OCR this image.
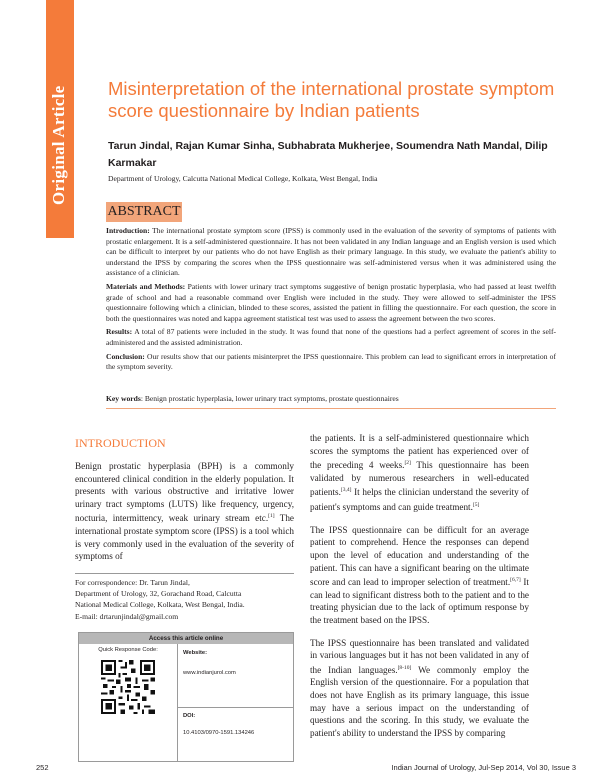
Original Article Misinterpretation of the international prostate symptom score questionnaire by Indian patients
Tarun Jindal, Rajan Kumar Sinha, Subhabrata Mukherjee, Soumendra Nath Mandal, Dilip Karmakar
Department of Urology, Calcutta National Medical College, Kolkata, West Bengal, India
ABSTRACT

Introduction: The international prostate symptom score (IPSS) is commonly used in the evaluation of the severity of symptoms of patients with prostatic enlargement. It is a self-administered questionnaire. It has not been validated in any Indian language and an English version is used which can be difficult to interpret by our patients who do not have English as their primary language. In this study, we evaluate the patient's ability to understand the IPSS by comparing the scores when the IPSS questionnaire was self-administered versus when it was administered using the assistance of a clinician.

Materials and Methods: Patients with lower urinary tract symptoms suggestive of benign prostatic hyperplasia, who had passed at least twelfth grade of school and had a reasonable command over English were included in the study. They were allowed to self-administer the IPSS questionnaire following which a clinician, blinded to these scores, assisted the patient in filling the questionnaire. For each question, the score in both the questionnaires was noted and kappa agreement statistical test was used to assess the agreement between the two scores.

Results: A total of 87 patients were included in the study. It was found that none of the questions had a perfect agreement of scores in the self-administered and the assisted administration.

Conclusion: Our results show that our patients misinterpret the IPSS questionnaire. This problem can lead to significant errors in interpretation of the symptom severity.

Key words: Benign prostatic hyperplasia, lower urinary tract symptoms, prostate questionnaires
INTRODUCTION

Benign prostatic hyperplasia (BPH) is a commonly encountered clinical condition in the elderly population. It presents with various obstructive and irritative lower urinary tract symptoms (LUTS) like frequency, urgency, nocturia, intermittency, weak urinary stream etc.[1] The international prostate symptom score (IPSS) is a tool which is very commonly used in the evaluation of the severity of symptoms of

the patients. It is a self-administered questionnaire which scores the symptoms the patient has experienced over of the preceding 4 weeks.[2] This questionnaire has been validated by numerous researchers in well-educated patients.[3,4] It helps the clinician understand the severity of patient's symptoms and can guide treatment.[5]

The IPSS questionnaire can be difficult for an average patient to comprehend. Hence the responses can depend upon the level of education and understanding of the patient. This can have a significant bearing on the ultimate score and can lead to improper selection of treatment.[6,7] It can lead to significant distress both to the patient and to the treating physician due to the lack of optimum response by the treatment based on the IPSS.

The IPSS questionnaire has been translated and validated in various languages but it has not been validated in any of the Indian languages.[8-10] We commonly employ the English version of the questionnaire. For a population that does not have English as its primary language, this issue may have a serious impact on the understanding of questions and the scoring. In this study, we evaluate the patient's ability to understand the IPSS by comparing

For correspondence: Dr. Tarun Jindal,
Department of Urology, 32, Gorachand Road, Calcutta
National Medical College, Kolkata, West Bengal, India.
E-mail: drtarunjindal@gmail.com
Access this article online
Quick Response Code:	Website:
www.indianjurol.com
DOI:
10.4103/0970-1591.134246
252	Indian Journal of Urology, Jul-Sep 2014, Vol 30, Issue 3
